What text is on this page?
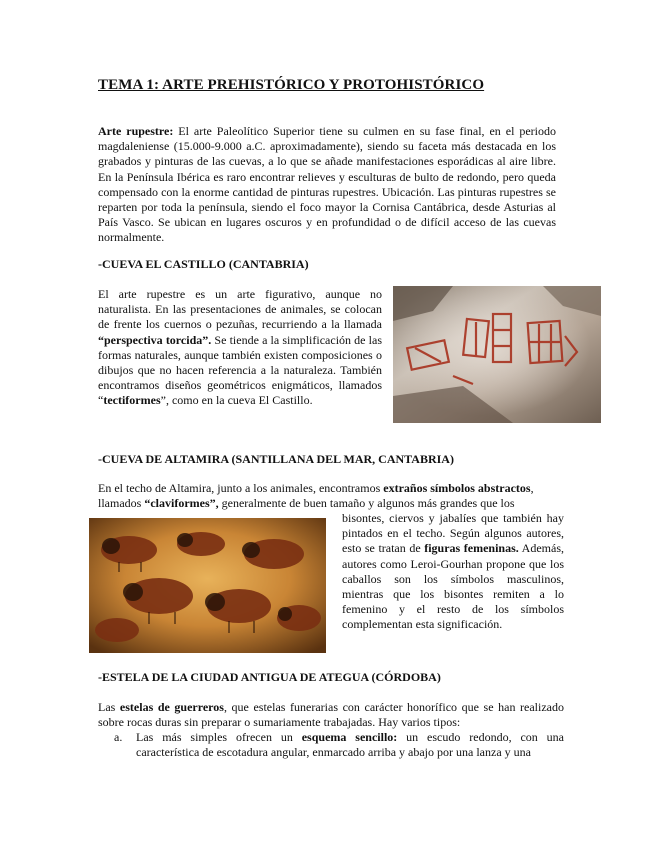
TEMA 1: ARTE PREHISTÓRICO Y PROTOHISTÓRICO

Arte rupestre: El arte Paleolítico Superior tiene su culmen en su fase final, en el periodo magdaleniense (15.000-9.000 a.C. aproximadamente), siendo su faceta más destacada en los grabados y pinturas de las cuevas, a lo que se añade manifestaciones esporádicas al aire libre. En la Península Ibérica es raro encontrar relieves y esculturas de bulto de redondo, pero queda compensado con la enorme cantidad de pinturas rupestres. Ubicación. Las pinturas rupestres se reparten por toda la península, siendo el foco mayor la Cornisa Cantábrica, desde Asturias al País Vasco. Se ubican en lugares oscuros y en profundidad o de difícil acceso de las cuevas normalmente.

-CUEVA EL CASTILLO (CANTABRIA)

El arte rupestre es un arte figurativo, aunque no naturalista. En las presentaciones de animales, se colocan de frente los cuernos o pezuñas, recurriendo a la llamada “perspectiva torcida”. Se tiende a la simplificación de las formas naturales, aunque también existen composiciones o dibujos que no hacen referencia a la naturaleza. También encontramos diseños geométricos enigmáticos, llamados “tectiformes”, como en la cueva El Castillo.

-CUEVA DE ALTAMIRA (SANTILLANA DEL MAR, CANTABRIA)

En el techo de Altamira, junto a los animales, encontramos extraños símbolos abstractos,

llamados “claviformes”, generalmente de buen tamaño y algunos más grandes que los

bisontes, ciervos y jabalíes que también hay pintados en el techo. Según algunos autores, esto se tratan de figuras femeninas. Además, autores como Leroi-Gourhan propone que los caballos son los símbolos masculinos, mientras que los bisontes remiten a lo femenino y el resto de los símbolos complementan esta significación.

-ESTELA DE LA CIUDAD ANTIGUA DE ATEGUA (CÓRDOBA)

Las estelas de guerreros, que estelas funerarias con carácter honorífico que se han realizado sobre rocas duras sin preparar o sumariamente trabajadas. Hay varios tipos:

a. Las más simples ofrecen un esquema sencillo: un escudo redondo, con una característica de escotadura angular, enmarcado arriba y abajo por una lanza y una
